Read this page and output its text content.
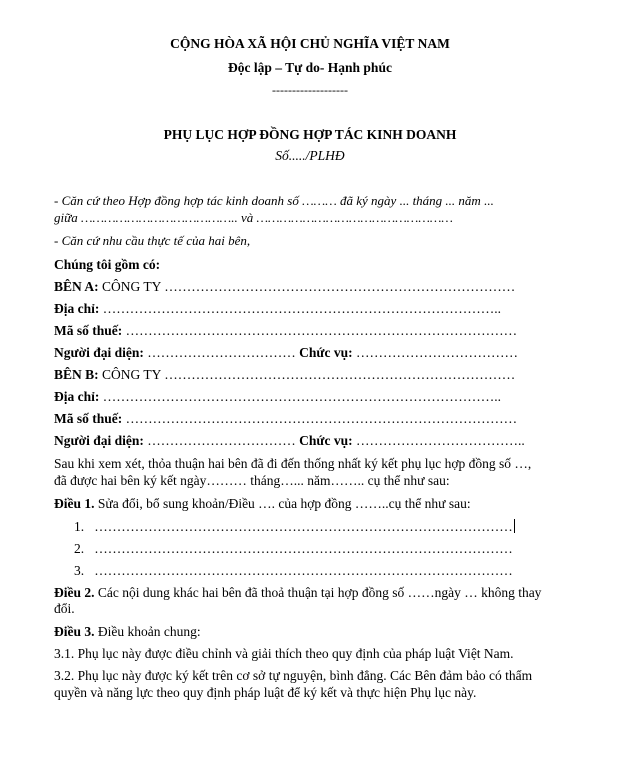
CỘNG HÒA XÃ HỘI CHỦ NGHĨA VIỆT NAM
Độc lập – Tự do- Hạnh phúc
-------------------
PHỤ LỤC HỢP ĐỒNG HỢP TÁC KINH DOANH
Số...../PLHĐ
- Căn cứ theo Hợp đồng hợp tác kinh doanh số ……… đã ký ngày ... tháng ... năm ...
giữa ………………………………….. và ……………………………………………
- Căn cứ nhu cầu thực tế của hai bên,
Chúng tôi gồm có:
BÊN A: CÔNG TY ……………………………………………………………………
Địa chỉ: ……………………………………………………………………………..
Mã số thuế: ……………………………………………………………………………
Người đại diện: …………………………… Chức vụ: ………………………………
BÊN B: CÔNG TY ……………………………………………………………………
Địa chỉ: ……………………………………………………………………………..
Mã số thuế: ……………………………………………………………………………
Người đại diện: …………………………… Chức vụ: ………………………………..
Sau khi xem xét, thỏa thuận hai bên đã đi đến thống nhất ký kết phụ lục hợp đồng số …,
đã được hai bên ký kết ngày……… tháng…... năm…….. cụ thể như sau:
Điều 1. Sửa đổi, bổ sung khoản/Điều …. của hợp đồng ……..cụ thể như sau:
1. …………………………………………………………………………………
2. …………………………………………………………………………………
3. …………………………………………………………………………………
Điều 2. Các nội dung khác hai bên đã thoả thuận tại hợp đồng số ……ngày … không thay
đổi.
Điều 3. Điều khoản chung:
3.1. Phụ lục này được điều chỉnh và giải thích theo quy định của pháp luật Việt Nam.
3.2. Phụ lục này được ký kết trên cơ sở tự nguyện, bình đẳng. Các Bên đảm bảo có thẩm
quyền và năng lực theo quy định pháp luật để ký kết và thực hiện Phụ lục này.
